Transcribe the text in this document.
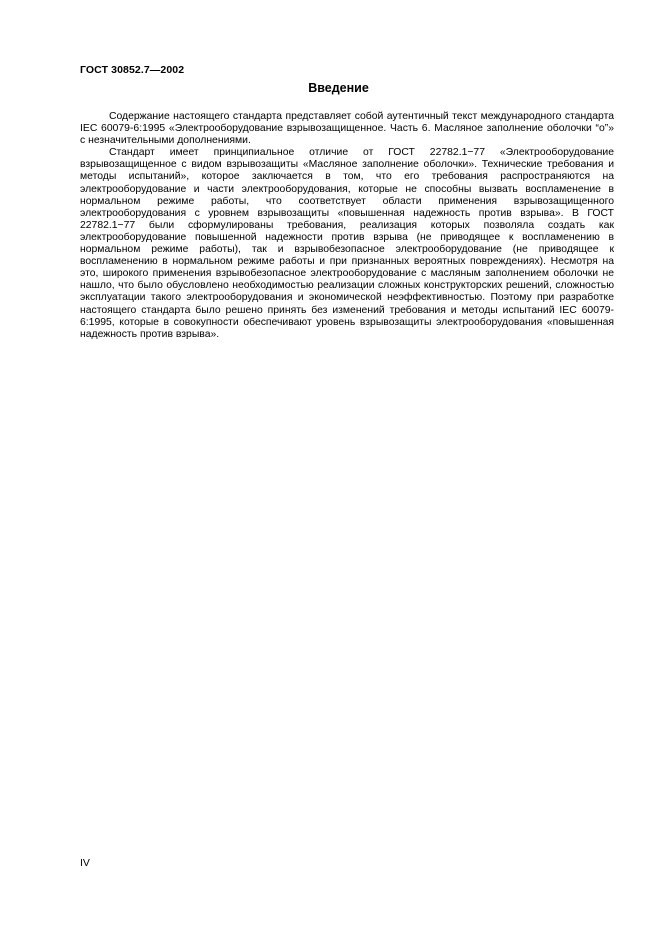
ГОСТ 30852.7—2002
Введение

Содержание настоящего стандарта представляет собой аутентичный текст международного стандарта IEC 60079-6:1995 «Электрооборудование взрывозащищенное. Часть 6. Масляное заполнение оболочки “о”» с незначительными дополнениями.

Стандарт имеет принципиальное отличие от ГОСТ 22782.1−77 «Электрооборудование взрывозащищенное с видом взрывозащиты «Масляное заполнение оболочки». Технические требования и методы испытаний», которое заключается в том, что его требования распространяются на электрооборудование и части электрооборудования, которые не способны вызвать воспламенение в нормальном режиме работы, что соответствует области применения взрывозащищенного электрооборудования с уровнем взрывозащиты «повышенная надежность против взрыва». В ГОСТ 22782.1−77 были сформулированы требования, реализация которых позволяла создать как электрооборудование повышенной надежности против взрыва (не приводящее к воспламенению в нормальном режиме работы), так и взрывобезопасное электрооборудование (не приводящее к воспламенению в нормальном режиме работы и при признанных вероятных повреждениях). Несмотря на это, широкого применения взрывобезопасное электрооборудование с масляным заполнением оболочки не нашло, что было обусловлено необходимостью реализации сложных конструкторских решений, сложностью эксплуатации такого электрооборудования и экономической неэффективностью. Поэтому при разработке настоящего стандарта было решено принять без изменений требования и методы испытаний IEC 60079-6:1995, которые в совокупности обеспечивают уровень взрывозащиты электрооборудования «повышенная надежность против взрыва».

IV
